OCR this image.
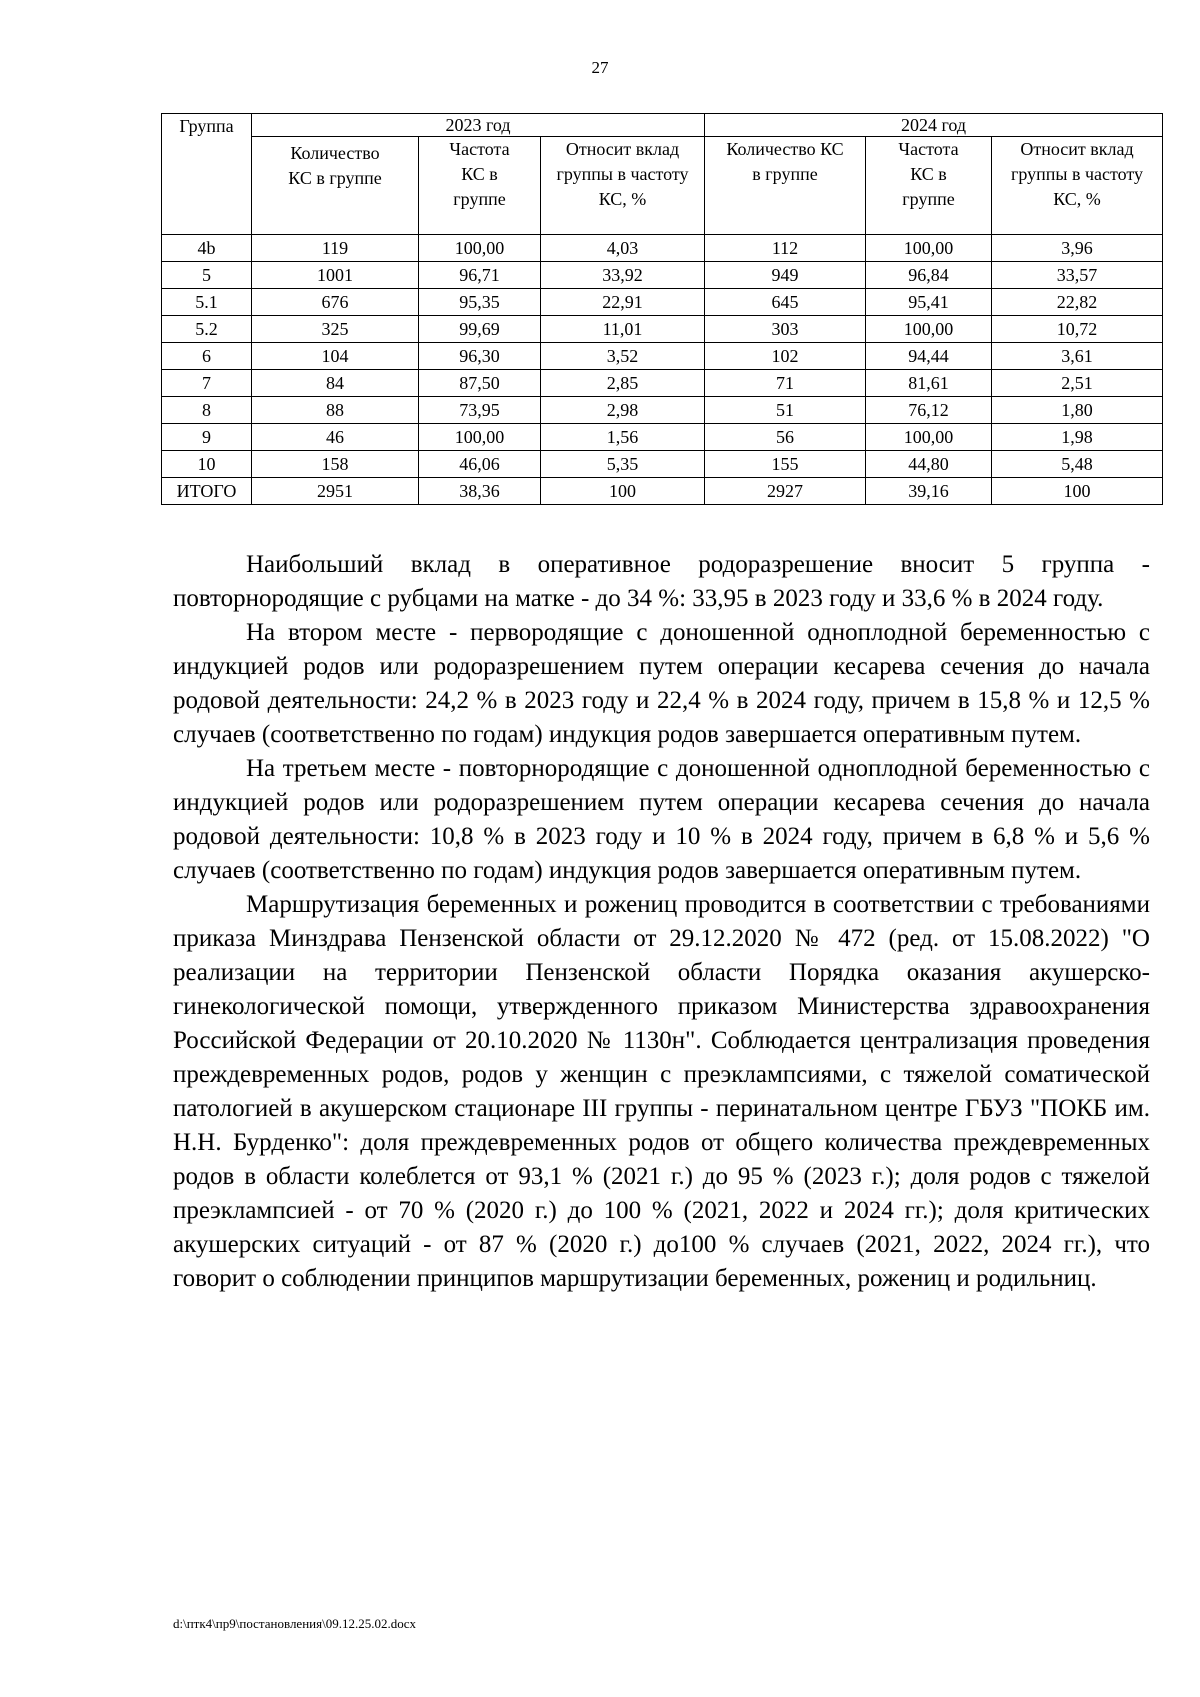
27
Группа	2023 год			2024 год		

	Количество КС в группе	Частота КС в группе	Относит вклад группы в частоту КС, %	Количество КС в группе	Частота КС в группе	Относит вклад группы в частоту КС, %

4b	119	100,00	4,03	112	100,00	3,96
5	1001	96,71	33,92	949	96,84	33,57
5.1	676	95,35	22,91	645	95,41	22,82
5.2	325	99,69	11,01	303	100,00	10,72
6	104	96,30	3,52	102	94,44	3,61
7	84	87,50	2,85	71	81,61	2,51
8	88	73,95	2,98	51	76,12	1,80
9	46	100,00	1,56	56	100,00	1,98
10	158	46,06	5,35	155	44,80	5,48
ИТОГО	2951	38,36	100	2927	39,16	100

Наибольший вклад в оперативное родоразрешение вносит 5 группа - повторнородящие с рубцами на матке - до 34 %: 33,95 в 2023 году и 33,6 % в 2024 году.

На втором месте - первородящие с доношенной одноплодной беременностью с индукцией родов или родоразрешением путем операции кесарева сечения до начала родовой деятельности: 24,2 % в 2023 году и 22,4 % в 2024 году, причем в 15,8 % и 12,5 % случаев (соответственно по годам) индукция родов завершается оперативным путем.

На третьем месте - повторнородящие с доношенной одноплодной беременностью с индукцией родов или родоразрешением путем операции кесарева сечения до начала родовой деятельности: 10,8 % в 2023 году и 10 % в 2024 году, причем в 6,8 % и 5,6 % случаев (соответственно по годам) индукция родов завершается оперативным путем.

Маршрутизация беременных и рожениц проводится в соответствии с требованиями приказа Минздрава Пензенской области от 29.12.2020 № 472 (ред. от 15.08.2022) "О реализации на территории Пензенской области Порядка оказания акушерско-гинекологической помощи, утвержденного приказом Министерства здравоохранения Российской Федерации от 20.10.2020 № 1130н". Соблюдается централизация проведения преждевременных родов, родов у женщин с преэклампсиями, с тяжелой соматической патологией в акушерском стационаре III группы - перинатальном центре ГБУЗ "ПОКБ им. Н.Н. Бурденко": доля преждевременных родов от общего количества преждевременных родов в области колеблется от 93,1 % (2021 г.) до 95 % (2023 г.); доля родов с тяжелой преэклампсией - от 70 % (2020 г.) до 100 % (2021, 2022 и 2024 гг.); доля критических акушерских ситуаций - от 87 % (2020 г.) до100 % случаев (2021, 2022, 2024 гг.), что говорит о соблюдении принципов маршрутизации беременных, рожениц и родильниц.

d:\птк4\пр9\постановления\09.12.25.02.docx
